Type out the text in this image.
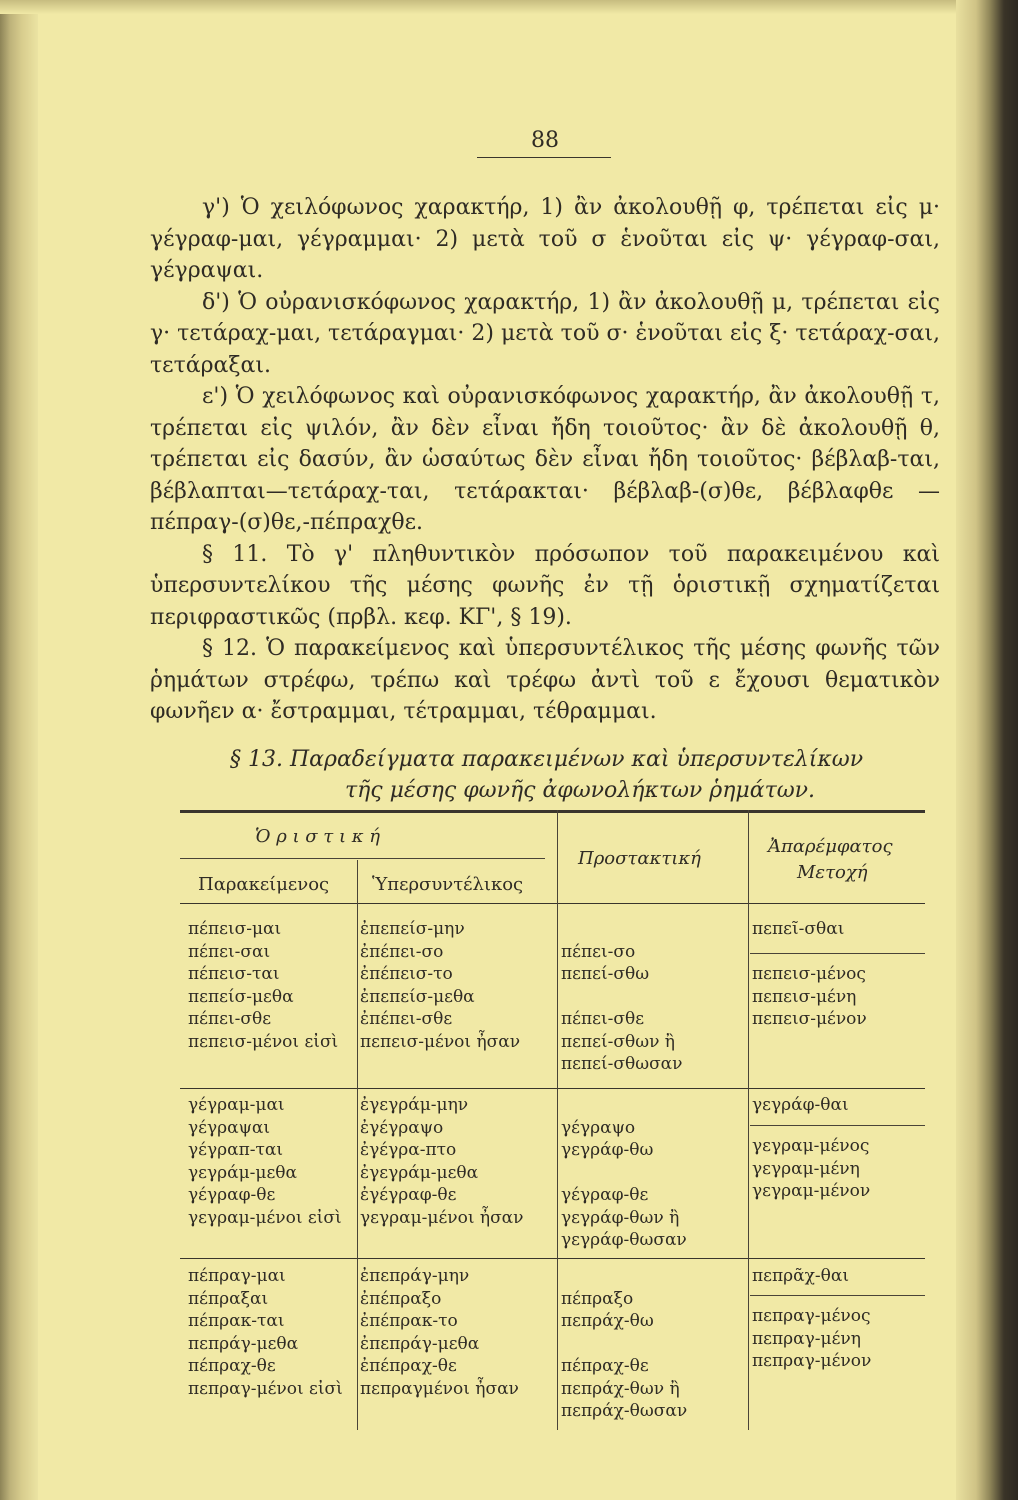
88

γ') Ὁ χειλόφωνος χαρακτήρ, 1) ἂν ἀκολουθῇ φ, τρέπεται εἰς μ· γέγραφ-μαι, γέγραμμαι· 2) μετὰ τοῦ σ ἑνοῦται εἰς ψ· γέγραφ-σαι, γέγραψαι.

δ') Ὁ οὐρανισκόφωνος χαρακτήρ, 1) ἂν ἀκολουθῇ μ, τρέπεται εἰς γ· τετάραχ-μαι, τετάραγμαι· 2) μετὰ τοῦ σ· ἑνοῦται εἰς ξ· τετάραχ-σαι, τετάραξαι.

ε') Ὁ χειλόφωνος καὶ οὐρανισκόφωνος χαρακτήρ, ἂν ἀκολουθῇ τ, τρέπεται εἰς ψιλόν, ἂν δὲν εἶναι ἤδη τοιοῦτος· ἂν δὲ ἀκολουθῇ θ, τρέπεται εἰς δασύν, ἂν ὡσαύτως δὲν εἶναι ἤδη τοιοῦτος· βέβλαβ-ται, βέβλαπται—τετάραχ-ται, τετάρακται· βέβλαβ-(σ)θε, βέβλαφθε —πέπραγ-(σ)θε,-πέπραχθε.

§ 11. Τὸ γ' πληθυντικὸν πρόσωπον τοῦ παρακειμένου καὶ ὑπερσυντελίκου τῆς μέσης φωνῆς ἐν τῇ ὁριστικῇ σχηματίζεται περιφραστικῶς (πρβλ. κεφ. ΚΓ', § 19).

§ 12. Ὁ παρακείμενος καὶ ὑπερσυντέλικος τῆς μέσης φωνῆς τῶν ῥημάτων στρέφω, τρέπω καὶ τρέφω ἀντὶ τοῦ ε ἔχουσι θεματικὸν φωνῆεν α· ἔστραμμαι, τέτραμμαι, τέθραμμαι.

§ 13. Παραδείγματα παρακειμένων καὶ ὑπερσυντελίκων

τῆς μέσης φωνῆς ἀφωνολήκτων ῥημάτων.

Ὁ ρ ι σ τ ι κ ή
Παρακείμενος Ὑπερσυντέλικος
Προστακτική
Ἀπαρέμφατος
Μετοχή
πέπεισ-μαι
πέπει-σαι
πέπεισ-ται
πεπείσ-μεθα
πέπει-σθε
πεπεισ-μένοι εἰσὶ
ἐπεπείσ-μην
ἐπέπει-σο
ἐπέπεισ-το
ἐπεπείσ-μεθα
ἐπέπει-σθε
πεπεισ-μένοι ἦσαν
πέπει-σο
πεπεί-σθω
πέπει-σθε
πεπεί-σθων ἢ
πεπεί-σθωσαν
πεπεῖ-σθαι
πεπεισ-μένος
πεπεισ-μένη
πεπεισ-μένον
γέγραμ-μαι
γέγραψαι
γέγραπ-ται
γεγράμ-μεθα
γέγραφ-θε
γεγραμ-μένοι εἰσὶ
ἐγεγράμ-μην
ἐγέγραψο
ἐγέγρα-πτο
ἐγεγράμ-μεθα
ἐγέγραφ-θε
γεγραμ-μένοι ἦσαν
γέγραψο
γεγράφ-θω
γέγραφ-θε
γεγράφ-θων ἢ
γεγράφ-θωσαν
γεγράφ-θαι
γεγραμ-μένος
γεγραμ-μένη
γεγραμ-μένον
πέπραγ-μαι
πέπραξαι
πέπρακ-ται
πεπράγ-μεθα
πέπραχ-θε
πεπραγ-μένοι εἰσὶ
ἐπεπράγ-μην
ἐπέπραξο
ἐπέπρακ-το
ἐπεπράγ-μεθα
ἐπέπραχ-θε
πεπραγμένοι ἦσαν
πέπραξο
πεπράχ-θω
πέπραχ-θε
πεπράχ-θων ἢ
πεπράχ-θωσαν
πεπρᾶχ-θαι
πεπραγ-μένος
πεπραγ-μένη
πεπραγ-μένον
